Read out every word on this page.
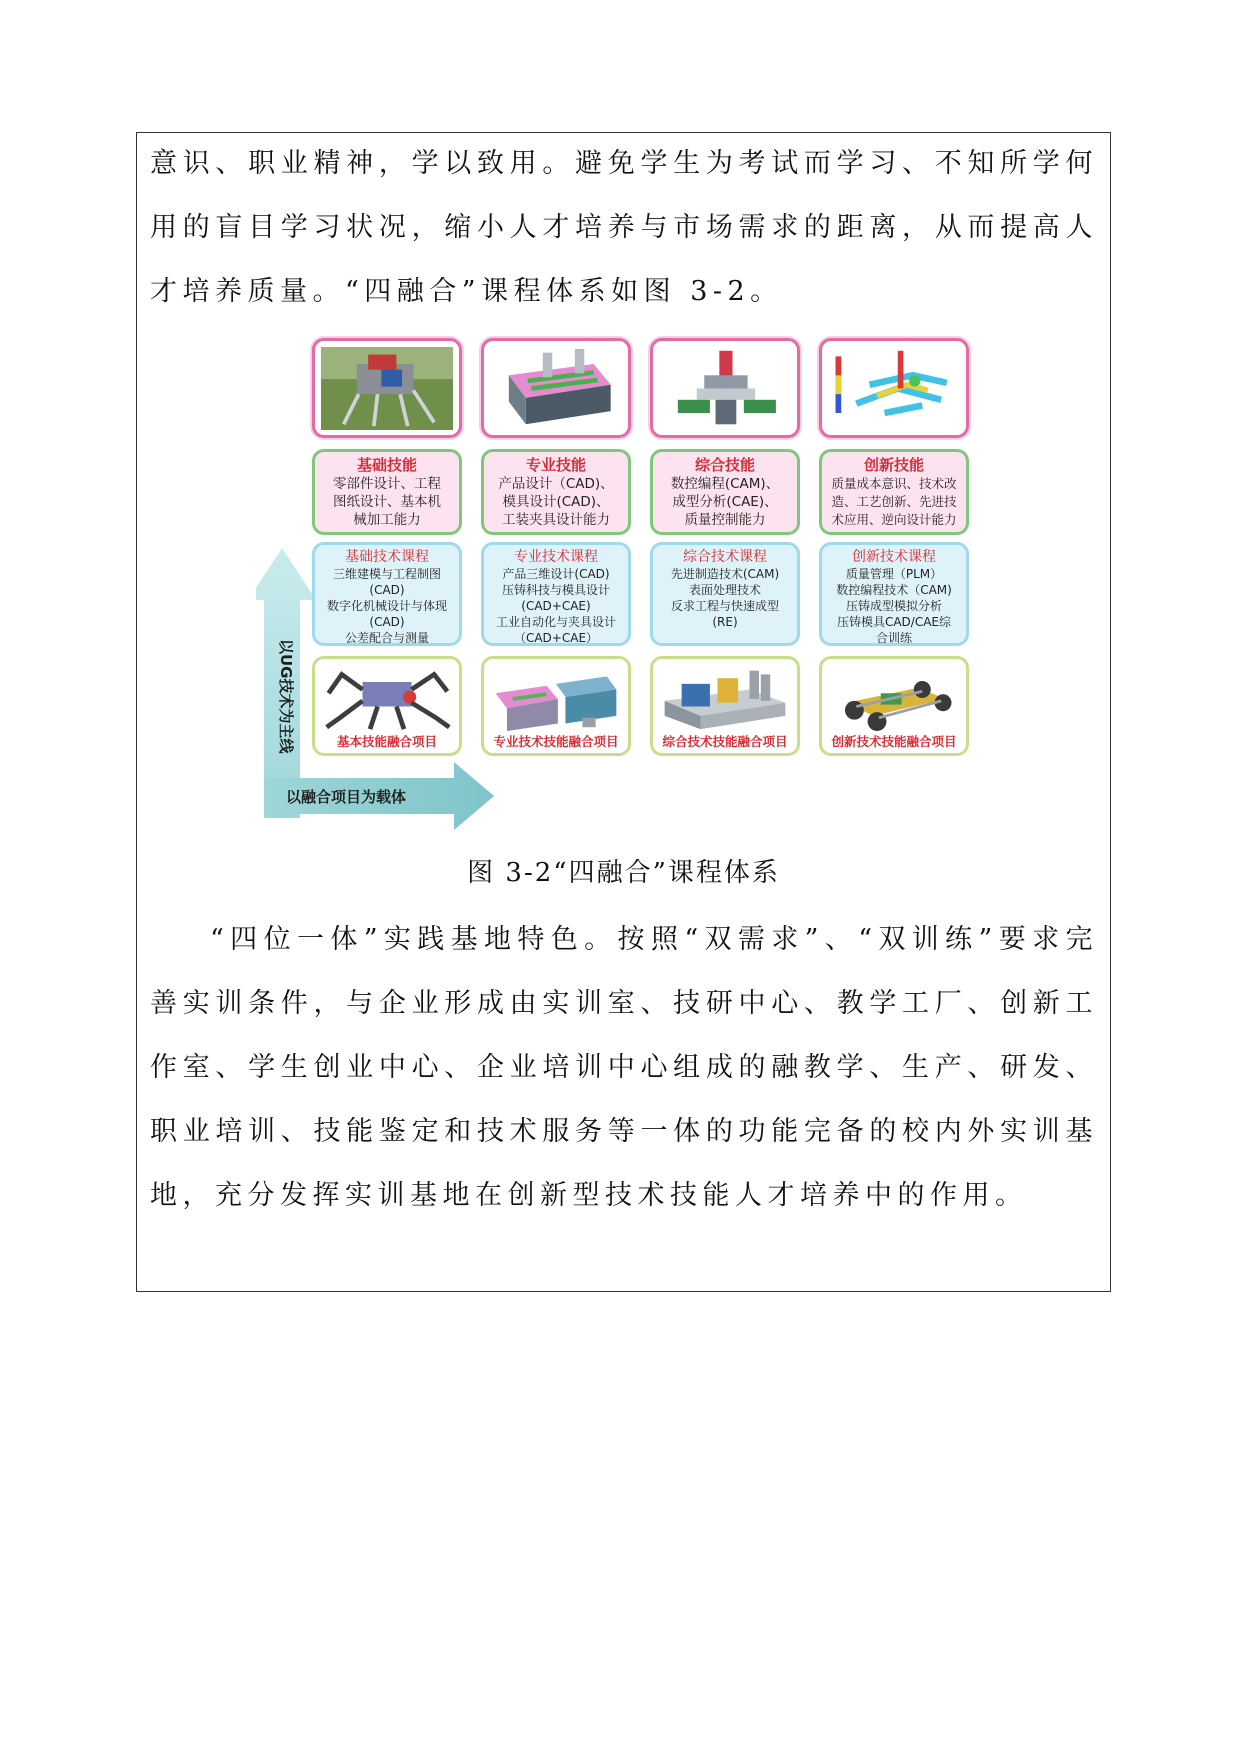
意识、职业精神，学以致用。避免学生为考试而学习、不知所学何用的盲目学习状况，缩小人才培养与市场需求的距离，从而提高人才培养质量。“四融合”课程体系如图 3-2。

以UG技术为主线
以融合项目为载体
基础技能
零部件设计、工程
图纸设计、基本机
械加工能力
基础技术课程
三维建模与工程制图
(CAD)
数字化机械设计与体现
(CAD)
公差配合与测量
基本技能融合项目
专业技能
产品设计（CAD)、
模具设计(CAD)、
工装夹具设计能力
专业技术课程
产品三维设计(CAD)
压铸科技与模具设计
(CAD+CAE)
工业自动化与夹具设计
（CAD+CAE）
专业技术技能融合项目
综合技能
数控编程(CAM)、
成型分析(CAE)、
质量控制能力
综合技术课程
先进制造技术(CAM)
表面处理技术
反求工程与快速成型
(RE)
综合技术技能融合项目
创新技能
质量成本意识、技术改
造、工艺创新、先进技
术应用、逆向设计能力
创新技术课程
质量管理（PLM）
数控编程技术（CAM)
压铸成型模拟分析
压铸模具CAD/CAE综
合训练
创新技术技能融合项目
图 3-2“四融合”课程体系

“四位一体”实践基地特色。按照“双需求”、“双训练”要求完善实训条件，与企业形成由实训室、技研中心、教学工厂、创新工作室、学生创业中心、企业培训中心组成的融教学、生产、研发、职业培训、技能鉴定和技术服务等一体的功能完备的校内外实训基地，充分发挥实训基地在创新型技术技能人才培养中的作用。
